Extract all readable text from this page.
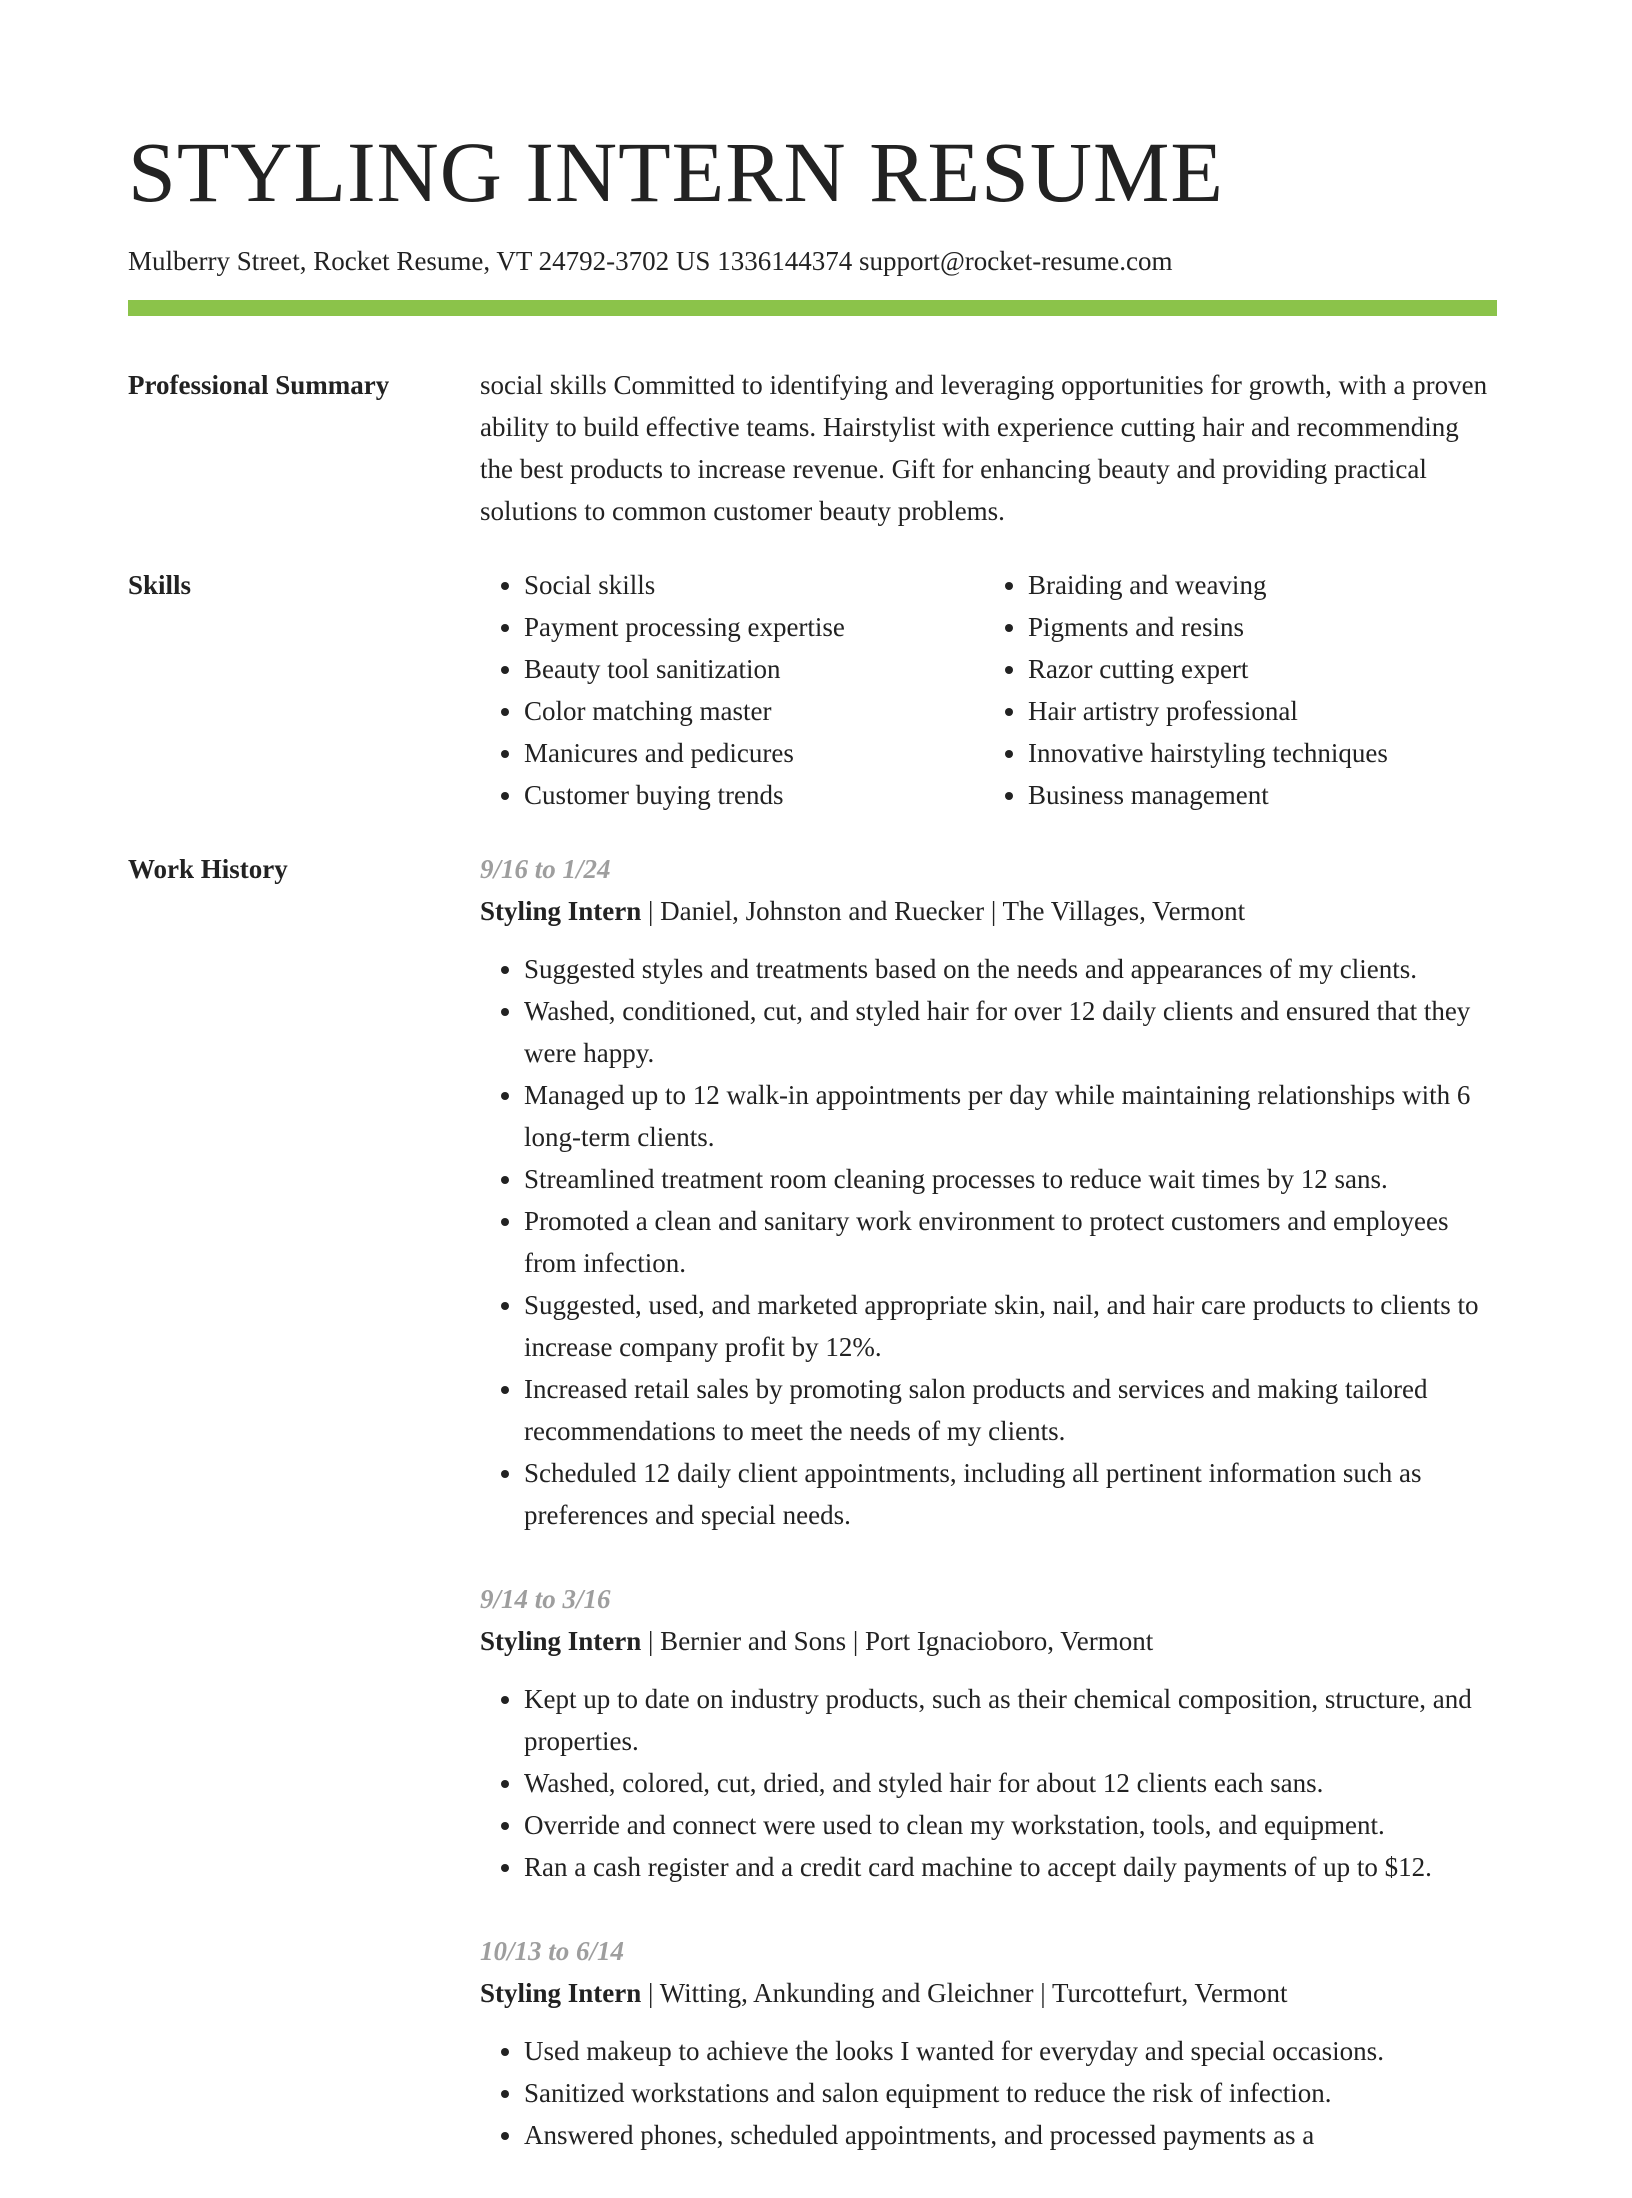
STYLING INTERN RESUME
Mulberry Street, Rocket Resume, VT 24792-3702 US 1336144374 support@rocket-resume.com
Professional Summary	social skills Committed to identifying and leveraging opportunities for growth, with a proven ability to build effective teams. Hairstylist with experience cutting hair and recommending the best products to increase revenue. Gift for enhancing beauty and providing practical solutions to common customer beauty problems.

Skills
•	Social skills
• Payment processing expertise
• Beauty tool sanitization
• Color matching master
• Manicures and pedicures
• Customer buying trends
• Braiding and weaving
• Pigments and resins
• Razor cutting expert
• Hair artistry professional
• Innovative hairstyling techniques
• Business management
Work History	9/16 to 1/24
Styling Intern | Daniel, Johnston and Ruecker | The Villages, Vermont
• Suggested styles and treatments based on the needs and appearances of my clients.
• Washed, conditioned, cut, and styled hair for over 12 daily clients and ensured that they were happy.
• Managed up to 12 walk-in appointments per day while maintaining relationships with 6 long-term clients.
• Streamlined treatment room cleaning processes to reduce wait times by 12 sans.
• Promoted a clean and sanitary work environment to protect customers and employees from infection.
• Suggested, used, and marketed appropriate skin, nail, and hair care products to clients to increase company profit by 12%.
• Increased retail sales by promoting salon products and services and making tailored recommendations to meet the needs of my clients.
• Scheduled 12 daily client appointments, including all pertinent information such as preferences and special needs.
9/14 to 3/16
Styling Intern | Bernier and Sons | Port Ignacioboro, Vermont
• Kept up to date on industry products, such as their chemical composition, structure, and properties.
• Washed, colored, cut, dried, and styled hair for about 12 clients each sans.
• Override and connect were used to clean my workstation, tools, and equipment.
• Ran a cash register and a credit card machine to accept daily payments of up to $12.
10/13 to 6/14
Styling Intern | Witting, Ankunding and Gleichner | Turcottefurt, Vermont
• Used makeup to achieve the looks I wanted for everyday and special occasions.
• Sanitized workstations and salon equipment to reduce the risk of infection.
• Answered phones, scheduled appointments, and processed payments as a
